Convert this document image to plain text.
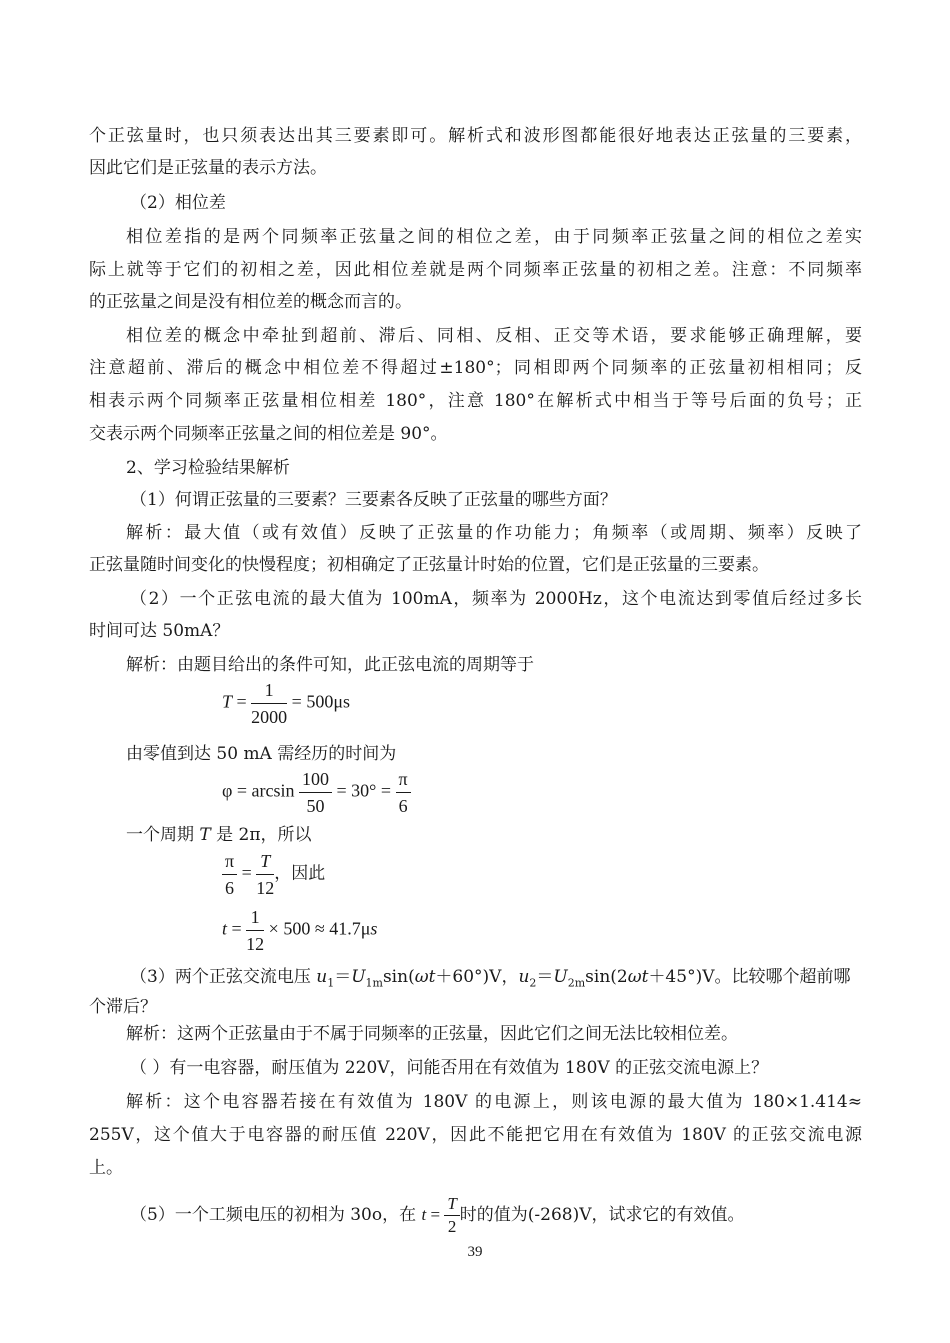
个正弦量时，也只须表达出其三要素即可。解析式和波形图都能很好地表达正弦量的三要素，
因此它们是正弦量的表示方法。
（2）相位差
相位差指的是两个同频率正弦量之间的相位之差，由于同频率正弦量之间的相位之差实
际上就等于它们的初相之差，因此相位差就是两个同频率正弦量的初相之差。注意：不同频率
的正弦量之间是没有相位差的概念而言的。
相位差的概念中牵扯到超前、滞后、同相、反相、正交等术语，要求能够正确理解，要
注意超前、滞后的概念中相位差不得超过±180°；同相即两个同频率的正弦量初相相同；反
相表示两个同频率正弦量相位相差 180°，注意 180°在解析式中相当于等号后面的负号；正
交表示两个同频率正弦量之间的相位差是 90°。
2、学习检验结果解析
（1）何谓正弦量的三要素？三要素各反映了正弦量的哪些方面？
解析：最大值（或有效值）反映了正弦量的作功能力；角频率（或周期、频率）反映了
正弦量随时间变化的快慢程度；初相确定了正弦量计时始的位置，它们是正弦量的三要素。
（2）一个正弦电流的最大值为 100mA，频率为 2000Hz，这个电流达到零值后经过多长
时间可达 50mA？
解析：由题目给出的条件可知，此正弦电流的周期等于
$T = \frac{1}{2000} = 500\mu s$
由零值到达 50 mA 需经历的时间为
$\varphi = \arcsin \frac{100}{50} = 30^\circ = \frac{\pi}{6}$
一个周期 T 是 2π，所以
$\frac{\pi}{6} = \frac{T}{12}$ ，因此
$t = \frac{1}{12} \times 500 \approx 41.7\mu s$
（3）两个正弦交流电压 $u_1=U_{1m}\sin(\omega t+60^\circ)V$，$u_2=U_{2m}\sin(2\omega t+45^\circ)V$。比较哪个超前哪
个滞后？
解析：这两个正弦量由于不属于同频率的正弦量，因此它们之间无法比较相位差。
（ ）有一电容器，耐压值为 220V，问能否用在有效值为 180V 的正弦交流电源上？
解析：这个电容器若接在有效值为 180V 的电源上，则该电源的最大值为 180×1.414≈
255V，这个值大于电容器的耐压值 220V，因此不能把它用在有效值为 180V 的正弦交流电源
上。
（5）一个工频电压的初相为 30o，在 $t = \frac{T}{2}$ 时的值为(-268)V，试求它的有效值。
39
